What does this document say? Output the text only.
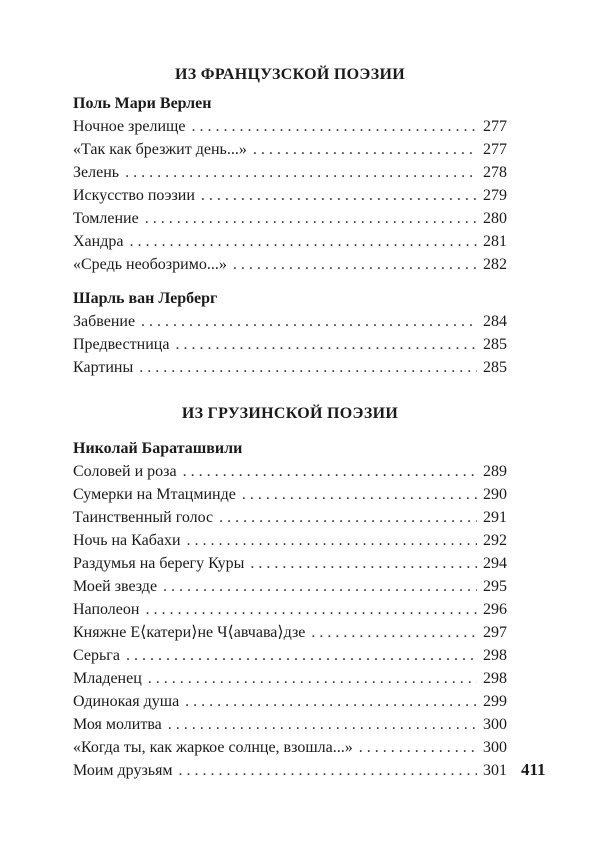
ИЗ ФРАНЦУЗСКОЙ ПОЭЗИИ
Поль Мари Верлен
Ночное зрелище . . .	277
«Так как брезжит день...» . . .	277
Зелень . . .	278
Искусство поэзии . . .	279
Томление . . .	280
Хандра . . .	281
«Средь необозримо...» . . .	282
Шарль ван Лерберг
Забвение . . .	284
Предвестница . . .	285
Картины . . .	285
ИЗ ГРУЗИНСКОЙ ПОЭЗИИ
Николай Бараташвили
Соловей и роза . . .	289
Сумерки на Мтацминде . . .	290
Таинственный голос . . .	291
Ночь на Кабахи . . .	292
Раздумья на берегу Куры . . .	294
Моей звезде . . .	295
Наполеон . . .	296
Княжне Е⟨катери⟩не Ч⟨авчава⟩дзе . . .	297
Серьга . . .	298
Младенец . . .	298
Одинокая душа . . .	299
Моя молитва . . .	300
«Когда ты, как жаркое солнце, взошла...» . . .	300
Моим друзьям . . .	301 411
